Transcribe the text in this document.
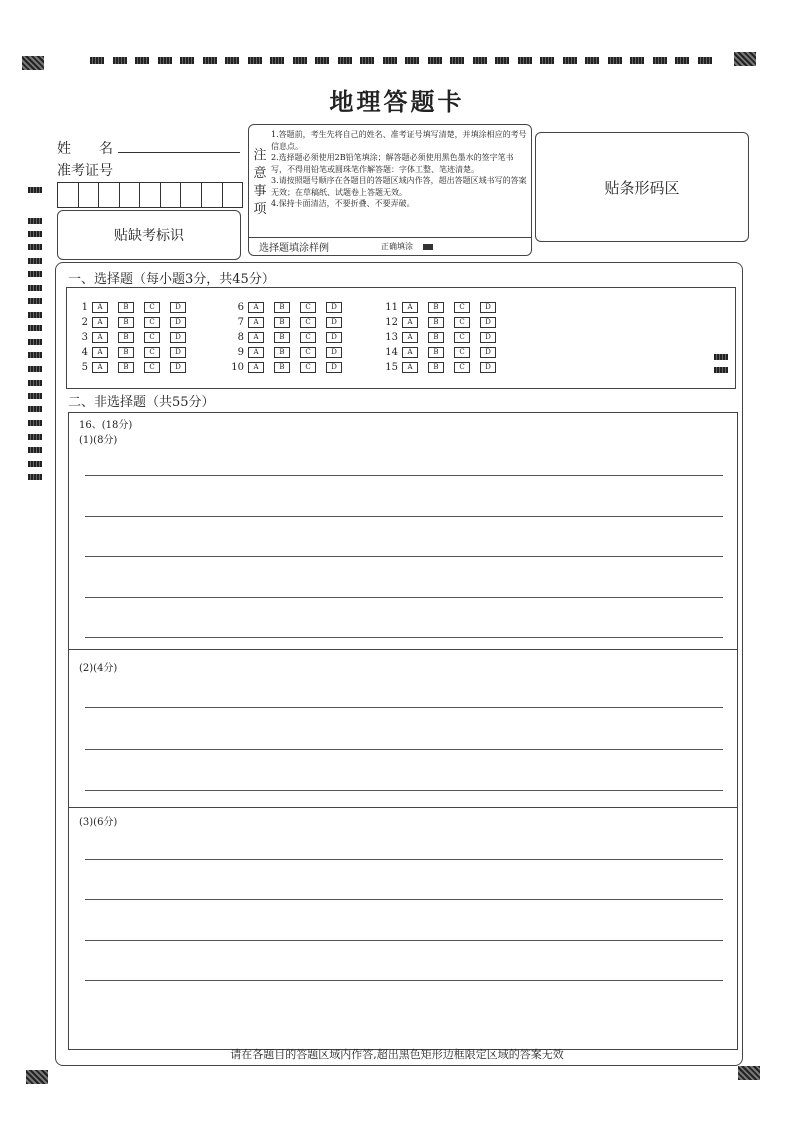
地理答题卡
姓　　名
准考证号
贴缺考标识
注意事项
1.答题前，考生先将自己的姓名、准考证号填写清楚，并填涂相应的考号信息点。
2.选择题必须使用2B铅笔填涂；解答题必须使用黑色墨水的签字笔书写，不得用铅笔或圆珠笔作解答题：字体工整、笔迹清楚。
3.请按照题号顺序在各题目的答题区域内作答，超出答题区域书写的答案无效；在草稿纸、试题卷上答题无效。
4.保持卡面清洁，不要折叠、不要弄破。
选择题填涂样例	正确填涂
贴条形码区
一、选择题（每小题3分，共45分）
1	A	B	C	D
2	A	B	C	D
3	A	B	C	D
4	A	B	C	D
5	A	B	C	D
6	A	B	C	D
7	A	B	C	D
8	A	B	C	D
9	A	B	C	D
10	A	B	C	D
11	A	B	C	D
12	A	B	C	D
13	A	B	C	D
14	A	B	C	D
15	A	B	C	D
二、非选择题（共55分）
16、(18分)
(1)(8分)
(2)(4分)
(3)(6分)
请在各题目的答题区域内作答,超出黑色矩形边框限定区域的答案无效
